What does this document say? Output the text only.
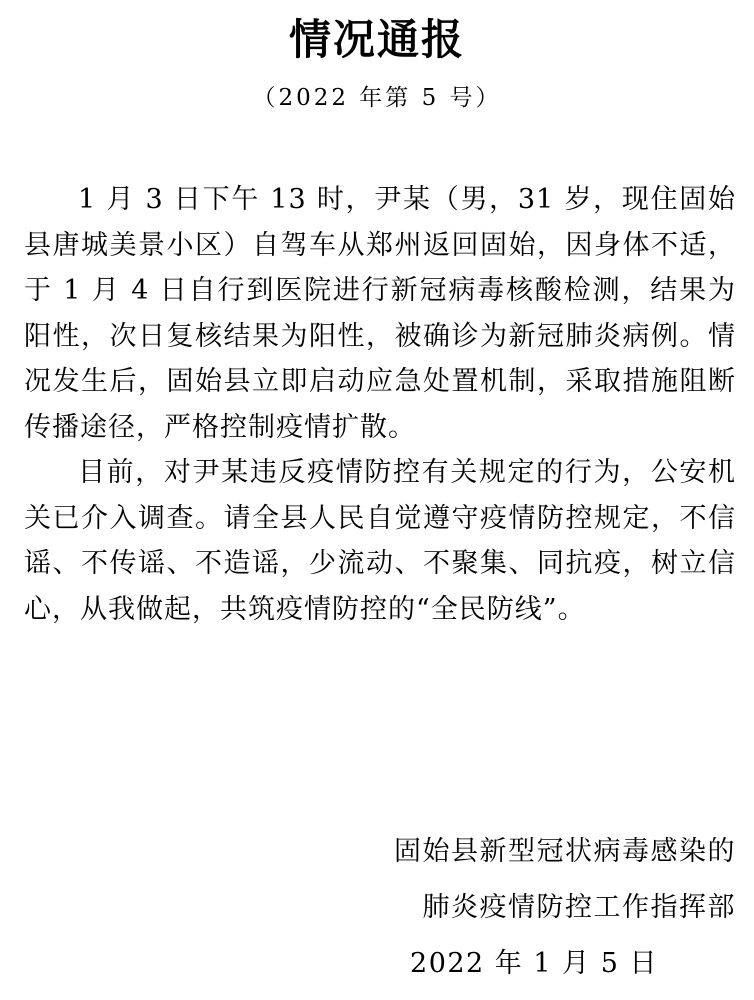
情况通报
（2022 年第 5 号）

1 月 3 日下午 13 时，尹某（男，31 岁，现住固始县唐城美景小区）自驾车从郑州返回固始，因身体不适，于 1 月 4 日自行到医院进行新冠病毒核酸检测，结果为阳性，次日复核结果为阳性，被确诊为新冠肺炎病例。情况发生后，固始县立即启动应急处置机制，采取措施阻断传播途径，严格控制疫情扩散。

目前，对尹某违反疫情防控有关规定的行为，公安机关已介入调查。请全县人民自觉遵守疫情防控规定，不信谣、不传谣、不造谣，少流动、不聚集、同抗疫，树立信心，从我做起，共筑疫情防控的“全民防线”。

固始县新型冠状病毒感染的
肺炎疫情防控工作指挥部
2022 年 1 月 5 日
